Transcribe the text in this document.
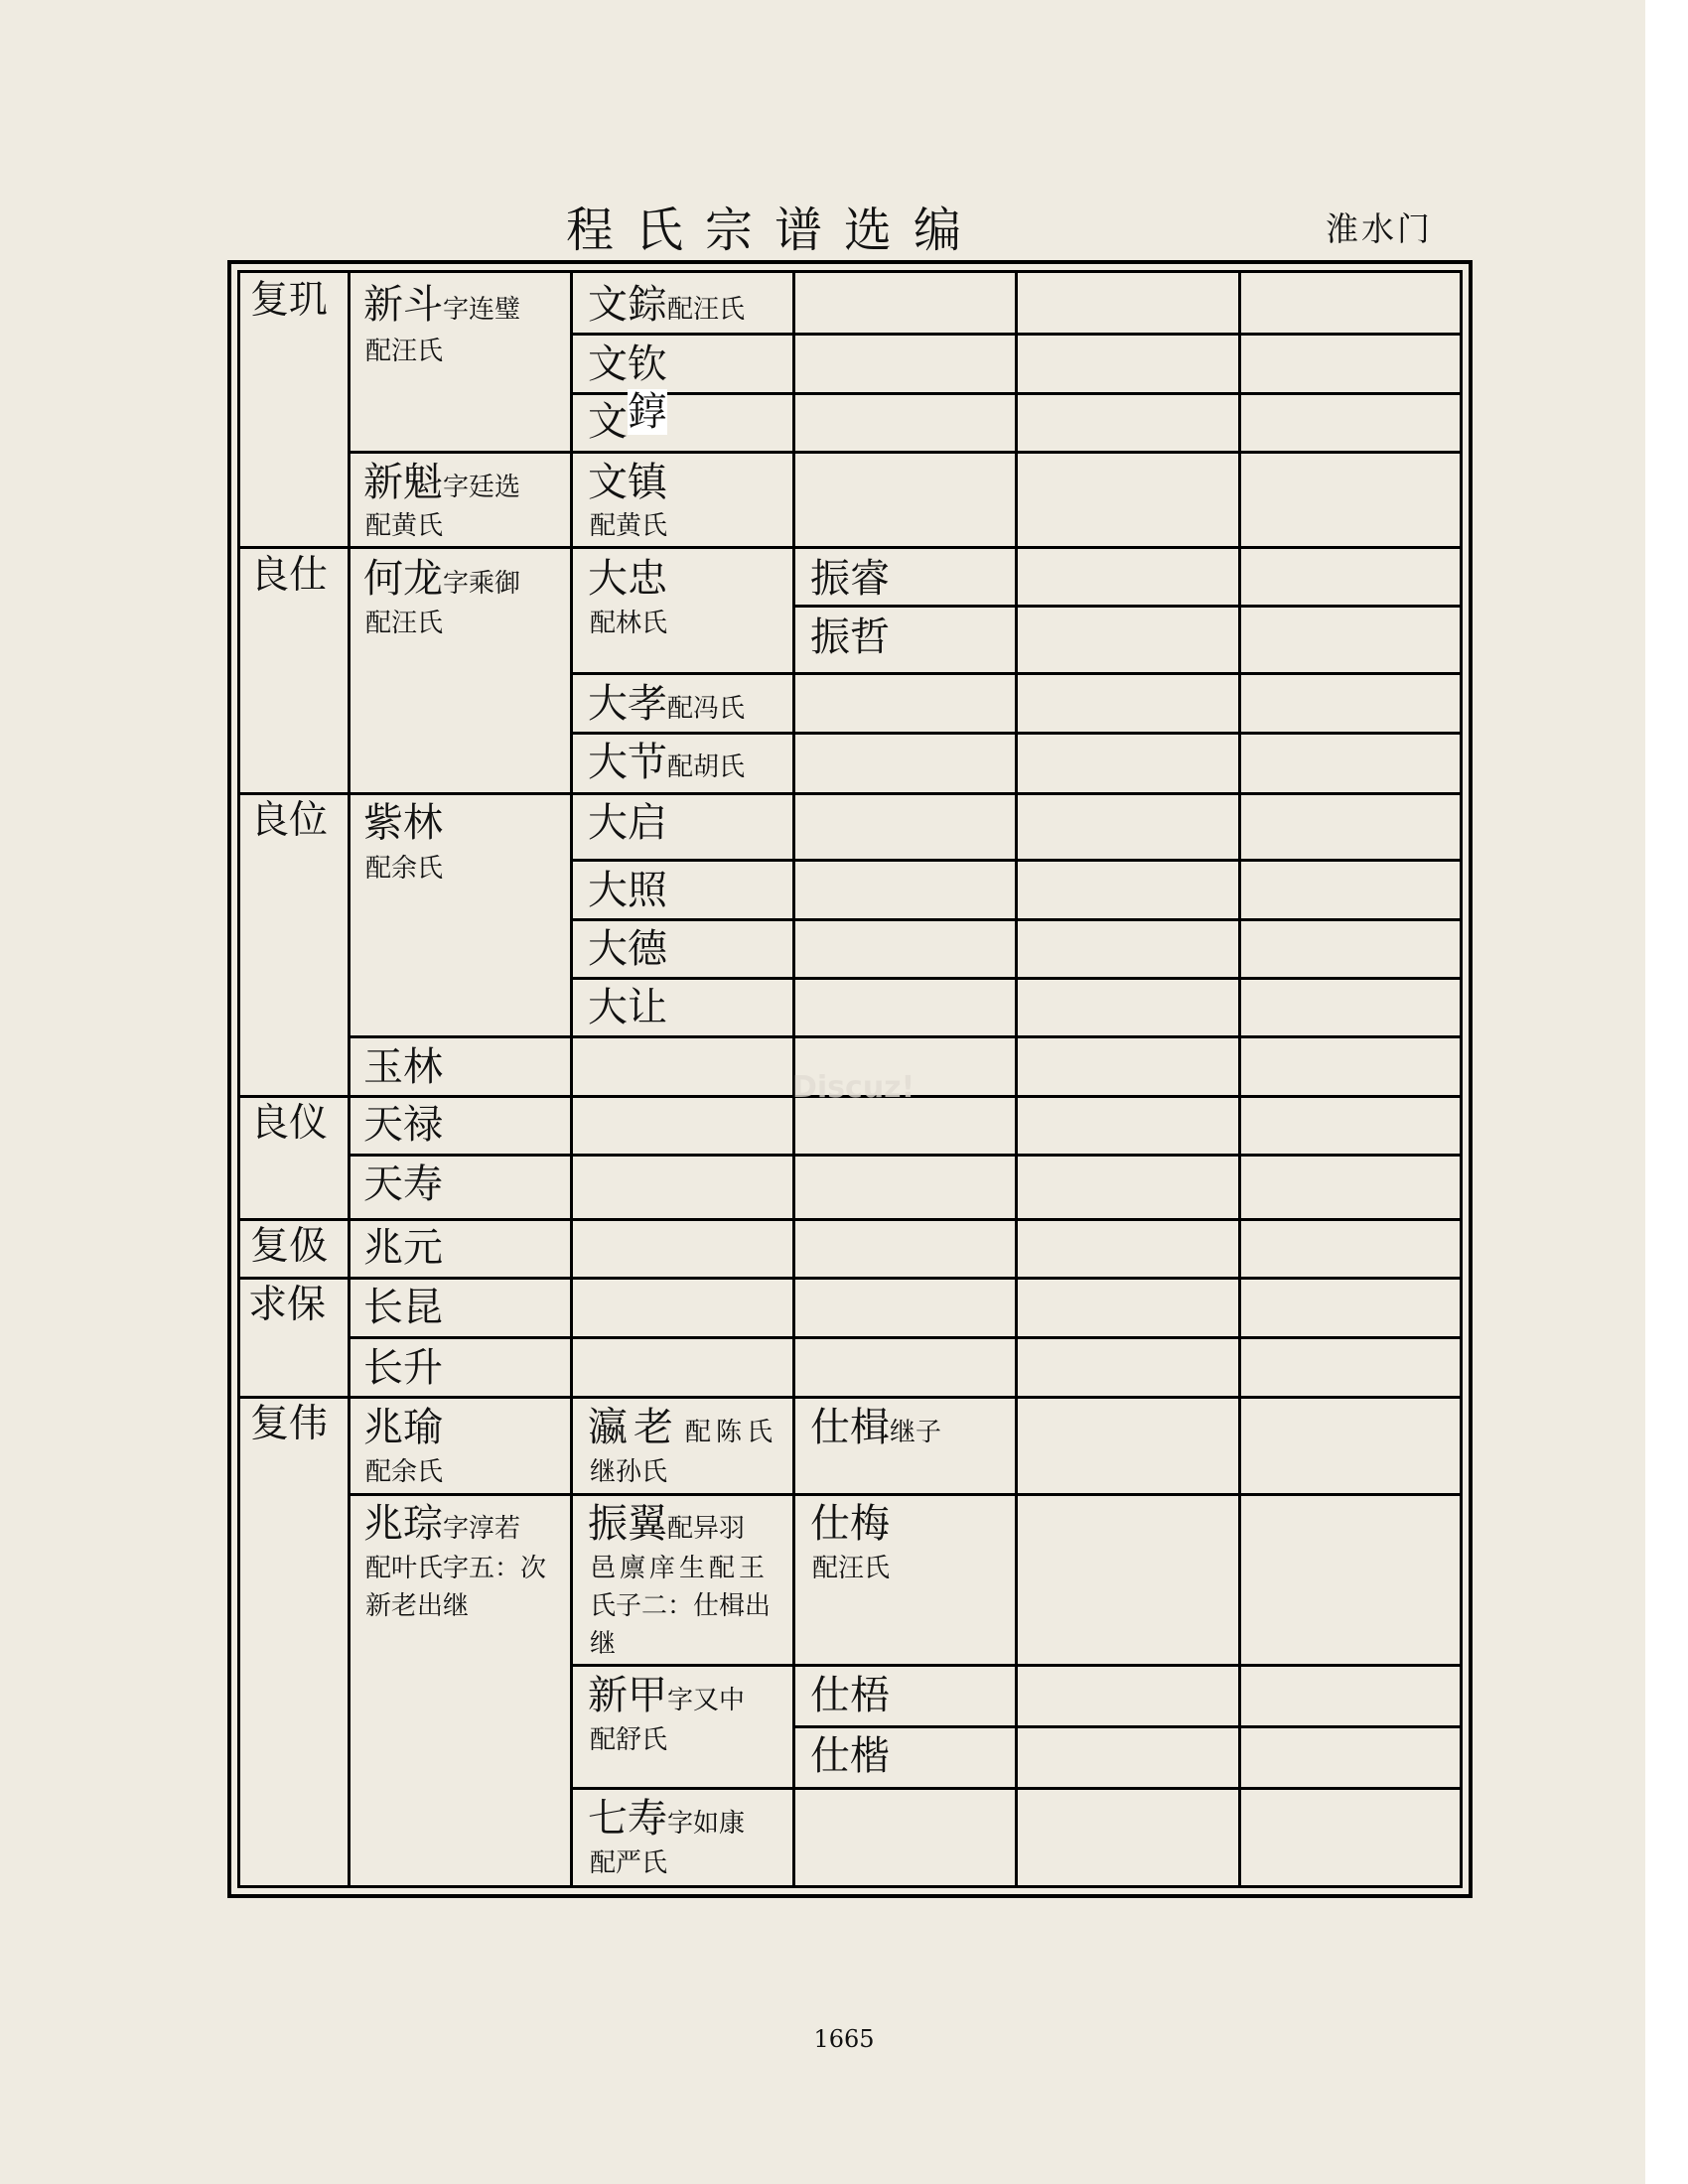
程氏宗谱选编	淮水门
复玑 新斗字连璧
配汪氏
文錝配汪氏
文钦
文錞
新魁字廷选
配黄氏
文镇
配黄氏
良仕 何龙字乘御
配汪氏
大忠
配林氏
振睿
振哲
大孝配冯氏
大节配胡氏
良位 紫林
配余氏
大启
大照
大德
大让
玉林
良仪 天禄
天寿
复伋 兆元
求保 长昆
长升
复伟 兆瑜
配余氏
瀛老 配陈氏
继孙氏
仕楫继子
兆琮字淳若
配叶氏字五：次
新老出继
振翼配异羽
邑廪庠生配王
氏子二：仕楫出
继
仕梅
配汪氏
新甲字又中
配舒氏
仕梧
仕楷
七寿字如康
配严氏
Discuz!
1665
